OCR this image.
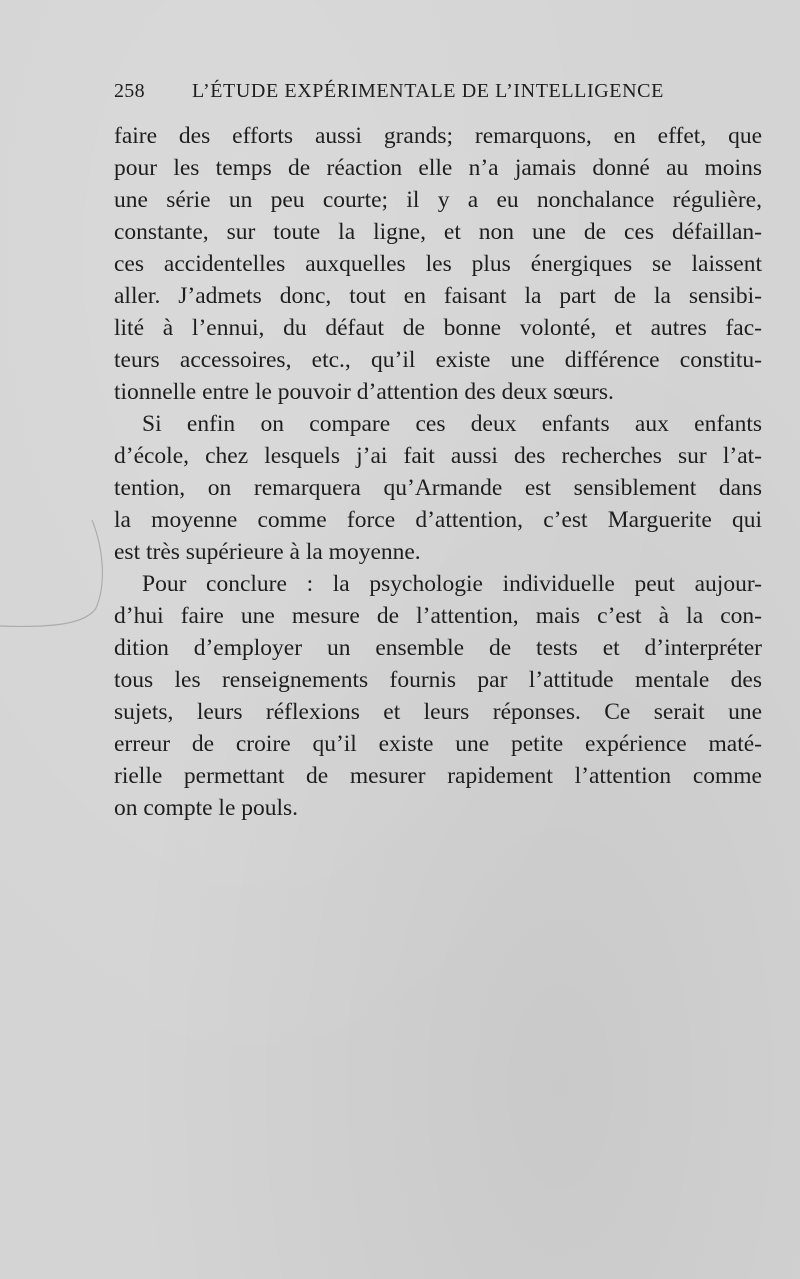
258 L’ÉTUDE EXPÉRIMENTALE DE L’INTELLIGENCE
faire des efforts aussi grands; remarquons, en effet, que
pour les temps de réaction elle n’a jamais donné au moins
une série un peu courte; il y a eu nonchalance régulière,
constante, sur toute la ligne, et non une de ces défaillan-
ces accidentelles auxquelles les plus énergiques se laissent
aller. J’admets donc, tout en faisant la part de la sensibi-
lité à l’ennui, du défaut de bonne volonté, et autres fac-
teurs accessoires, etc., qu’il existe une différence constitu-
tionnelle entre le pouvoir d’attention des deux sœurs.
Si enfin on compare ces deux enfants aux enfants
d’école, chez lesquels j’ai fait aussi des recherches sur l’at-
tention, on remarquera qu’Armande est sensiblement dans
la moyenne comme force d’attention, c’est Marguerite qui
est très supérieure à la moyenne.
Pour conclure : la psychologie individuelle peut aujour-
d’hui faire une mesure de l’attention, mais c’est à la con-
dition d’employer un ensemble de tests et d’interpréter
tous les renseignements fournis par l’attitude mentale des
sujets, leurs réflexions et leurs réponses. Ce serait une
erreur de croire qu’il existe une petite expérience maté-
rielle permettant de mesurer rapidement l’attention comme
on compte le pouls.
